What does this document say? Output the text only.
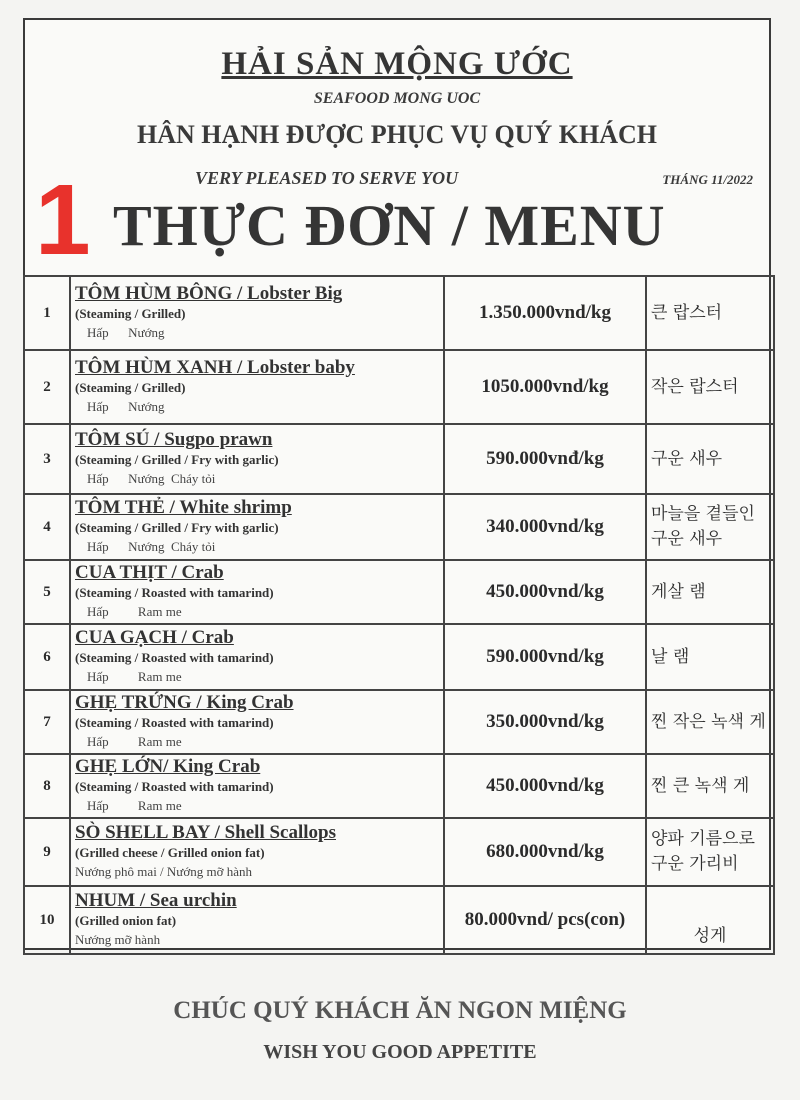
HẢI SẢN MỘNG ƯỚC
SEAFOOD MONG UOC
HÂN HẠNH ĐƯỢC PHỤC VỤ QUÝ KHÁCH
VERY PLEASED TO SERVE YOU	THÁNG 11/2022
1 THỰC ĐƠN / MENU
1	TÔM HÙM BÔNG / Lobster Big
(Steaming / Grilled)
Hấp      Nướng	1.350.000vnd/kg	큰 랍스터
2	TÔM HÙM XANH / Lobster baby
(Steaming / Grilled)
Hấp      Nướng	1050.000vnd/kg	작은 랍스터
3	TÔM SÚ / Sugpo prawn
(Steaming / Grilled / Fry with garlic)
Hấp      Nướng  Cháy tỏi	590.000vnđ/kg	구운 새우
4	TÔM THẺ / White shrimp
(Steaming / Grilled / Fry with garlic)
Hấp      Nướng  Cháy tỏi	340.000vnd/kg	마늘을 곁들인 구운 새우
5	CUA THỊT / Crab
(Steaming / Roasted with tamarind)
Hấp         Ram me	450.000vnd/kg	게살 램
6	CUA GẠCH / Crab
(Steaming / Roasted with tamarind)
Hấp         Ram me	590.000vnd/kg	날 램
7	GHẸ TRỨNG / King Crab
(Steaming / Roasted with tamarind)
Hấp         Ram me	350.000vnd/kg	찐 작은 녹색 게
8	GHẸ LỚN/ King Crab
(Steaming / Roasted with tamarind)
Hấp         Ram me	450.000vnd/kg	찐 큰 녹색 게
9	SÒ SHELL BAY / Shell Scallops
(Grilled cheese / Grilled onion fat)
Nướng phô mai / Nướng mỡ hành	680.000vnd/kg	양파 기름으로 구운 가리비
10	NHUM / Sea urchin
(Grilled onion fat)
Nướng mỡ hành	80.000vnd/ pcs(con)	성게
CHÚC QUÝ KHÁCH ĂN NGON MIỆNG
WISH YOU GOOD APPETITE
